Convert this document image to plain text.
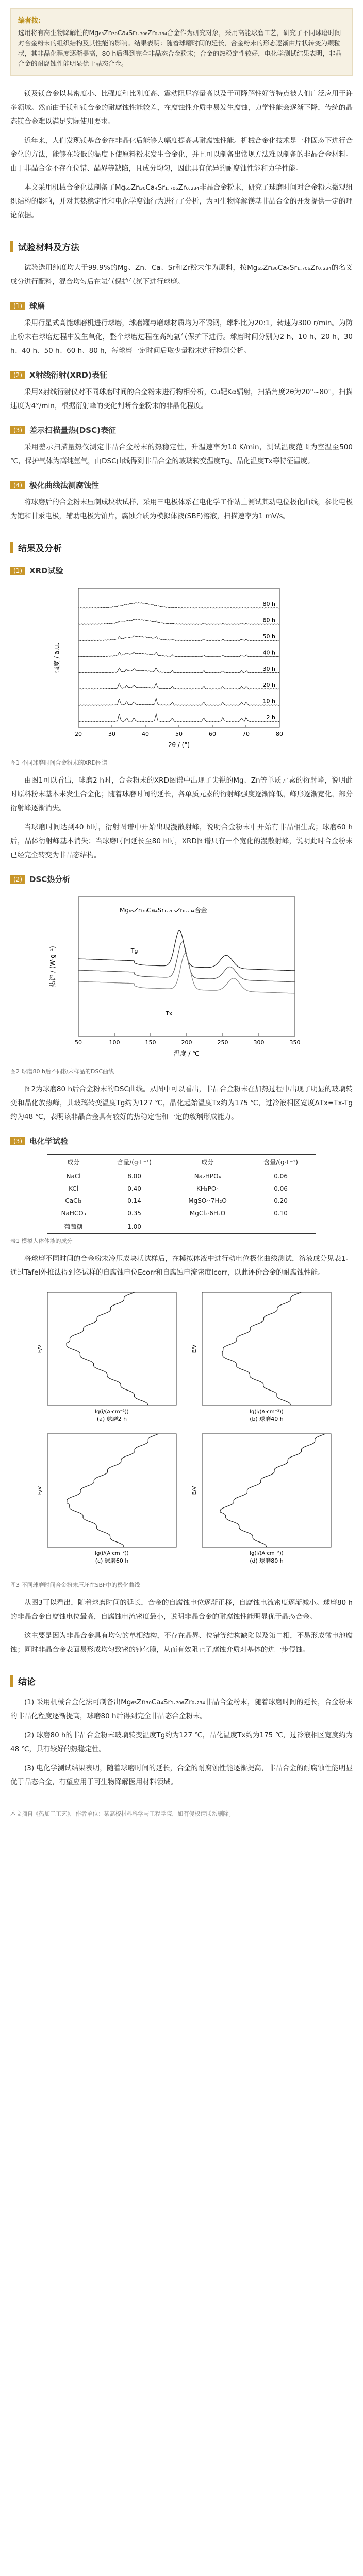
编者按:
选用将有高生物降解性的Mg₆₅Zn₃₀Ca₄Sr₁.₇₀₆Zr₀.₂₃₄合金作为研究对象，采用高能球磨工艺，研究了不同球磨时间对合金粉末的组织结构及其性能的影响。结果表明：随着球磨时间的延长，合金粉末的形态逐渐由片状转变为颗粒状，其非晶化程度逐渐提高，80 h后得到完全非晶态合金粉末；合金的热稳定性较好，电化学测试结果表明，非晶合金的耐腐蚀性能明显优于晶态合金。

镁及镁合金以其密度小、比强度和比刚度高、震动阻尼容量高以及于可降解性好等特点被人们广泛应用于许多领域。然而由于镁和镁合金的耐腐蚀性能较差，在腐蚀性介质中易发生腐蚀，力学性能会逐渐下降，传统的晶态镁合金难以满足实际使用要求。

近年来，人们发现镁基合金在非晶化后能够大幅度提高其耐腐蚀性能。机械合金化技术是一种固态下进行合金化的方法，能够在较低的温度下使原料粉末发生合金化，并且可以制备出常规方法难以制备的非晶合金材料。由于非晶合金不存在位错、晶界等缺陷，且成分均匀，因此具有优异的耐腐蚀性能和力学性能。

本文采用机械合金化法制备了Mg₆₅Zn₃₀Ca₄Sr₁.₇₀₆Zr₀.₂₃₄非晶合金粉末，研究了球磨时间对合金粉末微观组织结构的影响，并对其热稳定性和电化学腐蚀行为进行了分析，为可生物降解镁基非晶合金的开发提供一定的理论依据。

试验材料及方法

试验选用纯度均大于99.9%的Mg、Zn、Ca、Sr和Zr粉末作为原料，按Mg₆₅Zn₃₀Ca₄Sr₁.₇₀₆Zr₀.₂₃₄的名义成分进行配料，混合均匀后在氩气保护气氛下进行球磨。

(1) 球磨

采用行星式高能球磨机进行球磨，球磨罐与磨球材质均为不锈钢，球料比为20:1，转速为300 r/min。为防止粉末在球磨过程中发生氧化，整个球磨过程在高纯氩气保护下进行。球磨时间分别为2 h、10 h、20 h、30 h、40 h、50 h、60 h、80 h，每球磨一定时间后取少量粉末进行检测分析。

(2) X射线衍射(XRD)表征

采用X射线衍射仪对不同球磨时间的合金粉末进行物相分析，Cu靶Kα辐射，扫描角度2θ为20°~80°，扫描速度为4°/min，根据衍射峰的变化判断合金粉末的非晶化程度。

(3) 差示扫描量热(DSC)表征

采用差示扫描量热仪测定非晶合金粉末的热稳定性，升温速率为10 K/min，测试温度范围为室温至500 ℃，保护气体为高纯氩气，由DSC曲线得到非晶合金的玻璃转变温度Tg、晶化温度Tx等特征温度。

(4) 极化曲线法测腐蚀性

将球磨后的合金粉末压制成块状试样，采用三电极体系在电化学工作站上测试其动电位极化曲线，参比电极为饱和甘汞电极，辅助电极为铂片，腐蚀介质为模拟体液(SBF)溶液，扫描速率为1 mV/s。

结果及分析
(1) XRD试验
2 h
10 h
20 h
30 h
40 h
50 h
60 h
80 h
20	30	40	50	60	70	80
2θ / (°)
强度 / a.u.
图1 不同球磨时间合金粉末的XRD图谱

由图1可以看出，球磨2 h时，合金粉末的XRD图谱中出现了尖锐的Mg、Zn等单质元素的衍射峰，说明此时原料粉末基本未发生合金化；随着球磨时间的延长，各单质元素的衍射峰强度逐渐降低，峰形逐渐宽化，部分衍射峰逐渐消失。

当球磨时间达到40 h时，衍射图谱中开始出现漫散射峰，说明合金粉末中开始有非晶相生成；球磨60 h后，晶体衍射峰基本消失；当球磨时间延长至80 h时，XRD图谱只有一个宽化的漫散射峰，说明此时合金粉末已经完全转变为非晶态结构。

(2) DSC热分析
Mg₆₅Zn₃₀Ca₄Sr₁.₇₀₆Zr₀.₂₃₄合金
50	100	150	200	250	300	350
Tg
Tx
温度 / ℃
热流 / (W·g⁻¹)
图2 球磨80 h后不同粉末样品的DSC曲线

图2为球磨80 h后合金粉末的DSC曲线。从图中可以看出，非晶合金粉末在加热过程中出现了明显的玻璃转变和晶化放热峰，其玻璃转变温度Tg约为127 ℃，晶化起始温度Tx约为175 ℃，过冷液相区宽度ΔTx=Tx-Tg约为48 ℃，表明该非晶合金具有较好的热稳定性和一定的玻璃形成能力。

(3) 电化学试验
成分	含量/(g·L⁻¹)	成分	含量/(g·L⁻¹)
NaCl	8.00	Na₂HPO₄	0.06
KCl	0.40	KH₂PO₄	0.06
CaCl₂	0.14	MgSO₄·7H₂O	0.20
NaHCO₃	0.35	MgCl₂·6H₂O	0.10
葡萄糖	1.00		
表1 模拟人体体液的成分

将球磨不同时间的合金粉末冷压成块状试样后，在模拟体液中进行动电位极化曲线测试，溶液成分见表1。通过Tafel外推法得到各试样的自腐蚀电位Ecorr和自腐蚀电流密度Icorr，以此评价合金的耐腐蚀性能。

lg(i/(A·cm⁻²))
E/V
(a) 球磨2 h
lg(i/(A·cm⁻²))
E/V
(b) 球磨40 h
lg(i/(A·cm⁻²))
E/V
(c) 球磨60 h
lg(i/(A·cm⁻²))
E/V
(d) 球磨80 h
图3 不同球磨时间合金粉末压坯在SBF中的极化曲线

从图3可以看出，随着球磨时间的延长，合金的自腐蚀电位逐渐正移，自腐蚀电流密度逐渐减小。球磨80 h的非晶合金自腐蚀电位最高，自腐蚀电流密度最小，说明非晶合金的耐腐蚀性能明显优于晶态合金。

这主要是因为非晶合金具有均匀的单相结构，不存在晶界、位错等结构缺陷以及第二相，不易形成微电池腐蚀；同时非晶合金表面易形成均匀致密的钝化膜，从而有效阻止了腐蚀介质对基体的进一步侵蚀。

结论

(1) 采用机械合金化法可制备出Mg₆₅Zn₃₀Ca₄Sr₁.₇₀₆Zr₀.₂₃₄非晶合金粉末，随着球磨时间的延长，合金粉末的非晶化程度逐渐提高，球磨80 h后得到完全非晶态合金粉末。

(2) 球磨80 h的非晶合金粉末玻璃转变温度Tg约为127 ℃，晶化温度Tx约为175 ℃，过冷液相区宽度约为48 ℃，具有较好的热稳定性。

(3) 电化学测试结果表明，随着球磨时间的延长，合金的耐腐蚀性能逐渐提高，非晶合金的耐腐蚀性能明显优于晶态合金，有望应用于可生物降解医用材料领域。

本文摘自《热加工工艺》，作者单位：某高校材料科学与工程学院，如有侵权请联系删除。
